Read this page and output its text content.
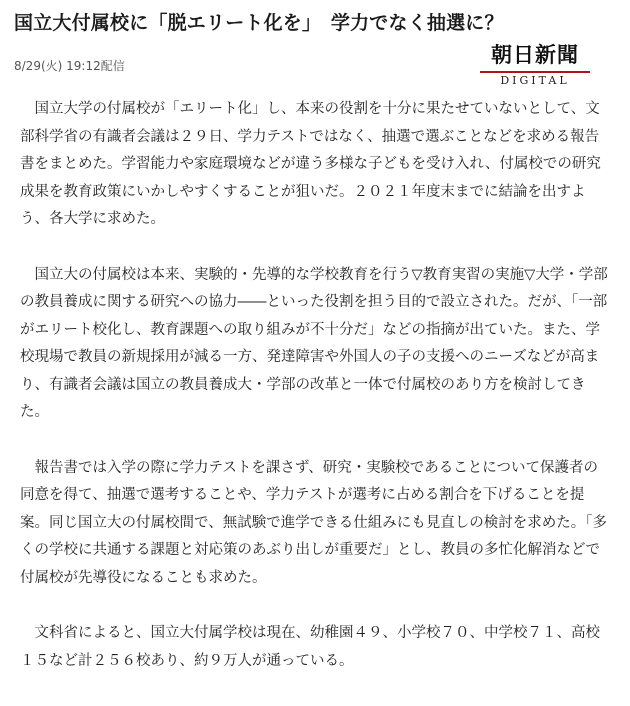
国立大付属校に「脱エリート化を」　学力でなく抽選に？
8/29(火) 19:12配信	朝日新聞
DIGITAL

国立大学の付属校が「エリート化」し、本来の役割を十分に果たせていないとして、文部科学省の有識者会議は２９日、学力テストではなく、抽選で選ぶことなどを求める報告書をまとめた。学習能力や家庭環境などが違う多様な子どもを受け入れ、付属校での研究成果を教育政策にいかしやすくすることが狙いだ。２０２１年度末までに結論を出すよう、各大学に求めた。

国立大の付属校は本来、実験的・先導的な学校教育を行う▽教育実習の実施▽大学・学部の教員養成に関する研究への協力――といった役割を担う目的で設立された。だが、「一部がエリート校化し、教育課題への取り組みが不十分だ」などの指摘が出ていた。また、学校現場で教員の新規採用が減る一方、発達障害や外国人の子の支援へのニーズなどが高まり、有識者会議は国立の教員養成大・学部の改革と一体で付属校のあり方を検討してきた。

報告書では入学の際に学力テストを課さず、研究・実験校であることについて保護者の同意を得て、抽選で選考することや、学力テストが選考に占める割合を下げることを提案。同じ国立大の付属校間で、無試験で進学できる仕組みにも見直しの検討を求めた。「多くの学校に共通する課題と対応策のあぶり出しが重要だ」とし、教員の多忙化解消などで付属校が先導役になることも求めた。

文科省によると、国立大付属学校は現在、幼稚園４９、小学校７０、中学校７１、高校１５など計２５６校あり、約９万人が通っている。
